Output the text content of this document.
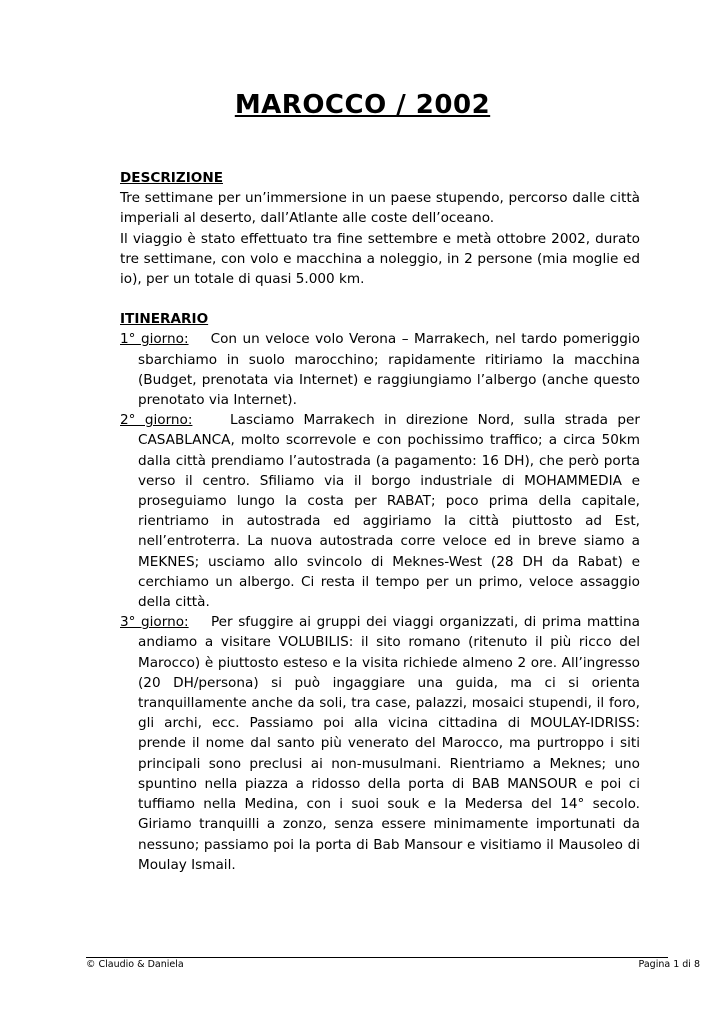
MAROCCO / 2002

DESCRIZIONE

Tre settimane per un’immersione in un paese stupendo, percorso dalle città imperiali al deserto, dall’Atlante alle coste dell’oceano.

Il viaggio è stato effettuato tra fine settembre e metà ottobre 2002, durato tre settimane, con volo e macchina a noleggio, in 2 persone (mia moglie ed io), per un totale di quasi 5.000 km.

ITINERARIO

1° giorno: Con un veloce volo Verona – Marrakech, nel tardo pomeriggio sbarchiamo in suolo marocchino; rapidamente ritiriamo la macchina (Budget, prenotata via Internet) e raggiungiamo l’albergo (anche questo prenotato via Internet).

2° giorno:	Lasciamo Marrakech in direzione Nord, sulla strada per CASABLANCA, molto scorrevole e con pochissimo traffico; a circa 50km dalla città prendiamo l’autostrada (a pagamento: 16 DH), che però porta verso il centro. Sfiliamo via il borgo industriale di MOHAMMEDIA e proseguiamo lungo la costa per RABAT; poco prima della capitale, rientriamo in autostrada ed aggiriamo la città piuttosto ad Est, nell’entroterra. La nuova autostrada corre veloce ed in breve siamo a MEKNES; usciamo allo svincolo di Meknes-West (28 DH da Rabat) e cerchiamo un albergo. Ci resta il tempo per un primo, veloce assaggio della città.

3° giorno: Per sfuggire ai gruppi dei viaggi organizzati, di prima mattina andiamo a visitare VOLUBILIS: il sito romano (ritenuto il più ricco del Marocco) è piuttosto esteso e la visita richiede almeno 2 ore. All’ingresso (20 DH/persona) si può ingaggiare una guida, ma ci si orienta tranquillamente anche da soli, tra case, palazzi, mosaici stupendi, il foro, gli archi, ecc. Passiamo poi alla vicina cittadina di MOULAY-IDRISS: prende il nome dal santo più venerato del Marocco, ma purtroppo i siti principali sono preclusi ai non-musulmani. Rientriamo a Meknes; uno spuntino nella piazza a ridosso della porta di BAB MANSOUR e poi ci tuffiamo nella Medina, con i suoi souk e la Medersa del 14° secolo. Giriamo tranquilli a zonzo, senza essere minimamente importunati da nessuno; passiamo poi la porta di Bab Mansour e visitiamo il Mausoleo di Moulay Ismail.

© Claudio & Daniela	Pagina 1 di 8
